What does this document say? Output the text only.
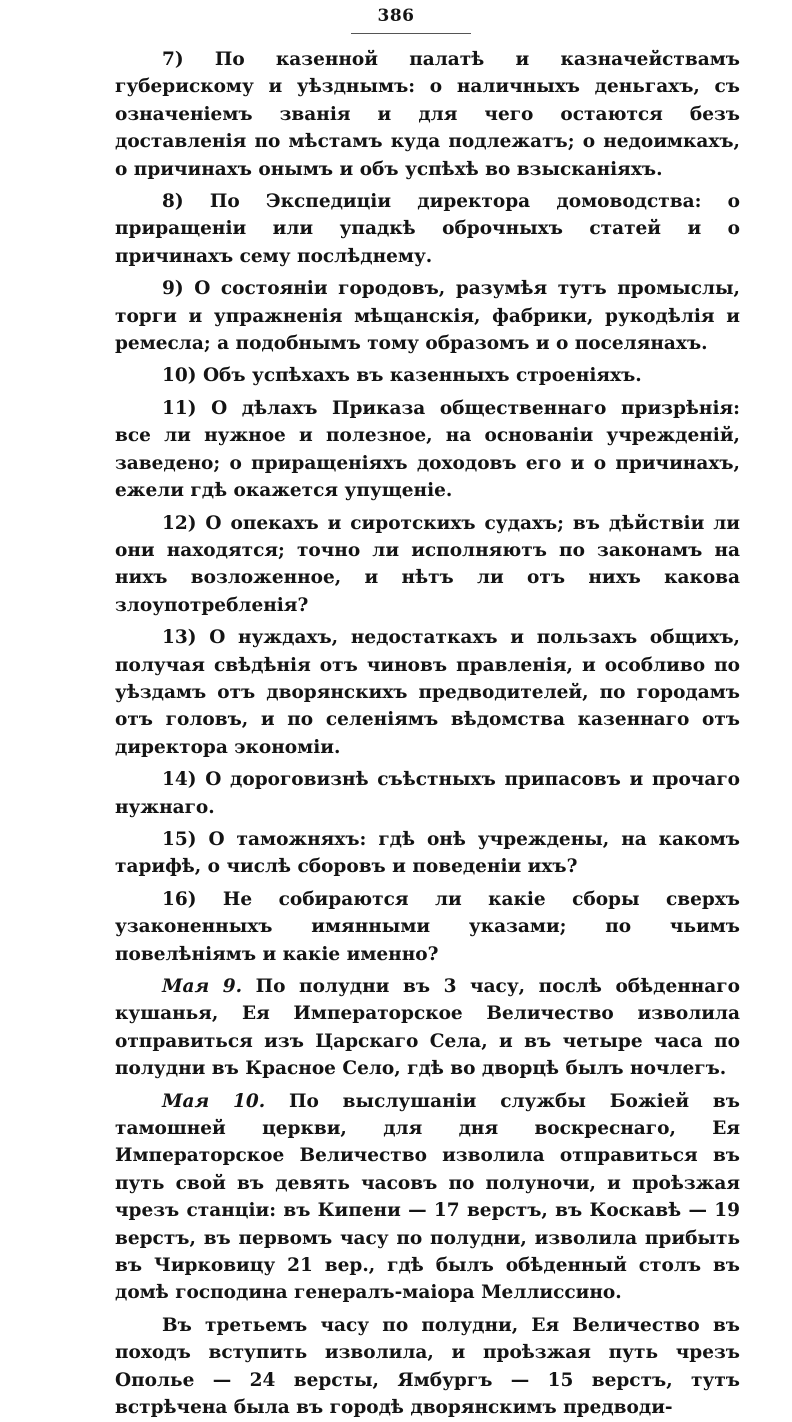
386

7) По казенной палатѣ и казначействамъ губерискому и уѣзднымъ: о наличныхъ деньгахъ, съ означеніемъ званія и для чего остаются безъ доставленія по мѣстамъ куда подлежатъ; о недоимкахъ, о причинахъ онымъ и объ успѣхѣ во взысканіяхъ.

8) По Экспедиціи директора домоводства: о приращеніи или упадкѣ оброчныхъ статей и о причинахъ сему послѣднему.

9) О состояніи городовъ, разумѣя тутъ промыслы, торги и упражненія мѣщанскія, фабрики, рукодѣлія и ремесла; а подобнымъ тому образомъ и о поселянахъ.

10) Объ успѣхахъ въ казенныхъ строеніяхъ.

11) О дѣлахъ Приказа общественнаго призрѣнія: все ли нужное и полезное, на основаніи учрежденій, заведено; о приращеніяхъ доходовъ его и о причинахъ, ежели гдѣ окажется упущеніе.

12) О опекахъ и сиротскихъ судахъ; въ дѣйствіи ли они находятся; точно ли исполняютъ по законамъ на нихъ возложенное, и нѣтъ ли отъ нихъ какова злоупотребленія?

13) О нуждахъ, недостаткахъ и пользахъ общихъ, получая свѣдѣнія отъ чиновъ правленія, и особливо по уѣздамъ отъ дворянскихъ предводителей, по городамъ отъ головъ, и по селеніямъ вѣдомства казеннаго отъ директора экономіи.

14) О дороговизнѣ съѣстныхъ припасовъ и прочаго нужнаго.

15) О таможняхъ: гдѣ онѣ учреждены, на какомъ тарифѣ, о числѣ сборовъ и поведеніи ихъ?

16) Не собираются ли какіе сборы сверхъ узаконенныхъ имянными указами; по чьимъ повелѣніямъ и какіе именно?

Мая 9. По полудни въ 3 часу, послѣ обѣденнаго кушанья, Ея Императорское Величество изволила отправиться изъ Царскаго Села, и въ четыре часа по полудни въ Красное Село, гдѣ во дворцѣ былъ ночлегъ.

Мая 10. По выслушаніи службы Божіей въ тамошней церкви, для дня воскреснаго, Ея Императорское Величество изволила отправиться въ путь свой въ девять часовъ по полуночи, и проѣзжая чрезъ станціи: въ Кипени — 17 верстъ, въ Коскавѣ — 19 верстъ, въ первомъ часу по полудни, изволила прибыть въ Чирковицу 21 вер., гдѣ былъ обѣденный столъ въ домѣ господина генералъ-маіора Меллиссино.

Въ третьемъ часу по полудни, Ея Величество въ походъ вступить изволила, и проѣзжая путь чрезъ Ополье — 24 версты, Ямбургъ — 15 верстъ, тутъ встрѣчена была въ городѣ дворянскимъ предводи-
